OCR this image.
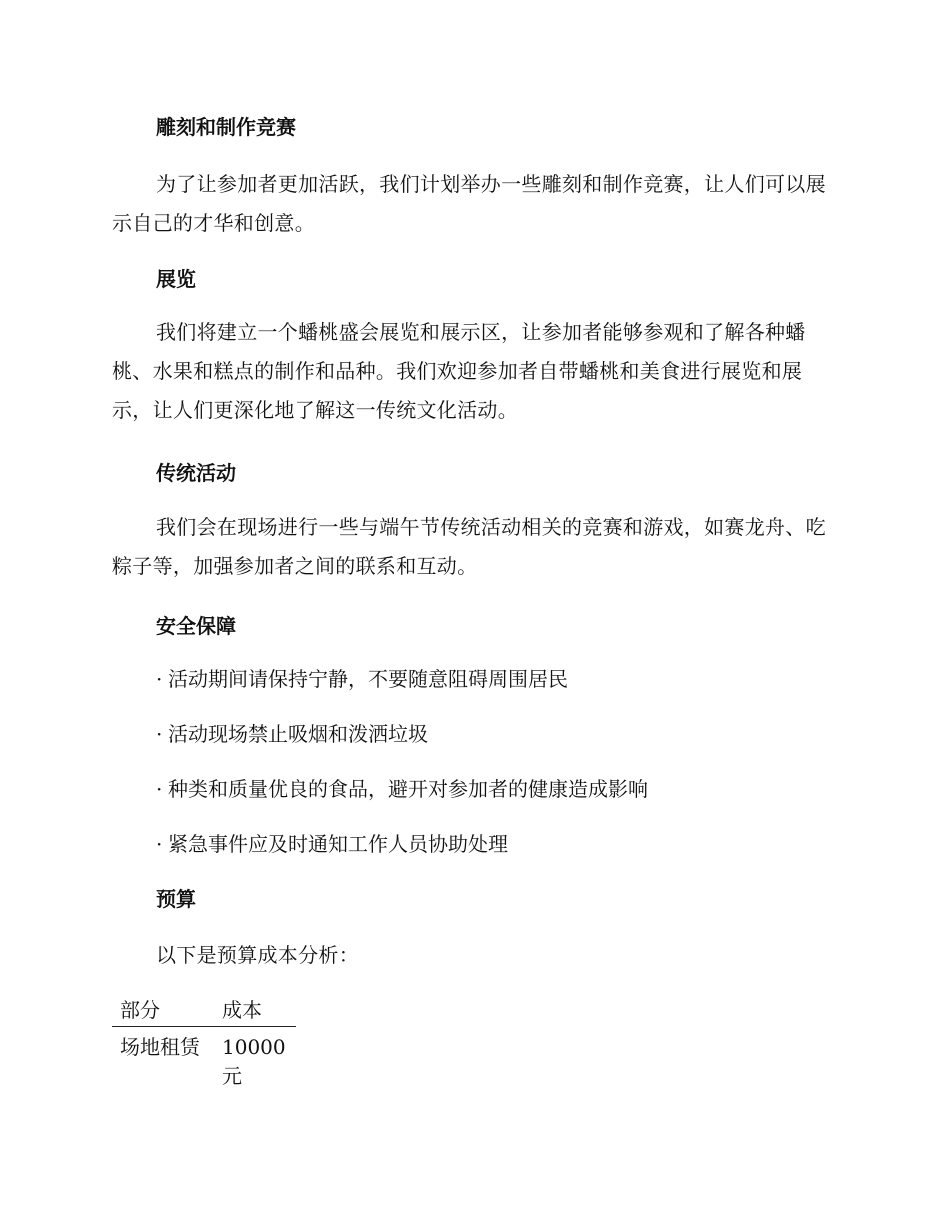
雕刻和制作竞赛
为了让参加者更加活跃，我们计划举办一些雕刻和制作竞赛，让人们可以展示自己的才华和创意。
展览
我们将建立一个蟠桃盛会展览和展示区，让参加者能够参观和了解各种蟠桃、水果和糕点的制作和品种。我们欢迎参加者自带蟠桃和美食进行展览和展示，让人们更深化地了解这一传统文化活动。
传统活动
我们会在现场进行一些与端午节传统活动相关的竞赛和游戏，如赛龙舟、吃粽子等，加强参加者之间的联系和互动。
安全保障
· 活动期间请保持宁静，不要随意阻碍周围居民
· 活动现场禁止吸烟和泼洒垃圾
· 种类和质量优良的食品，避开对参加者的健康造成影响
· 紧急事件应及时通知工作人员协助处理
预算
以下是预算成本分析：
部分	成本
场地租赁	10000元
